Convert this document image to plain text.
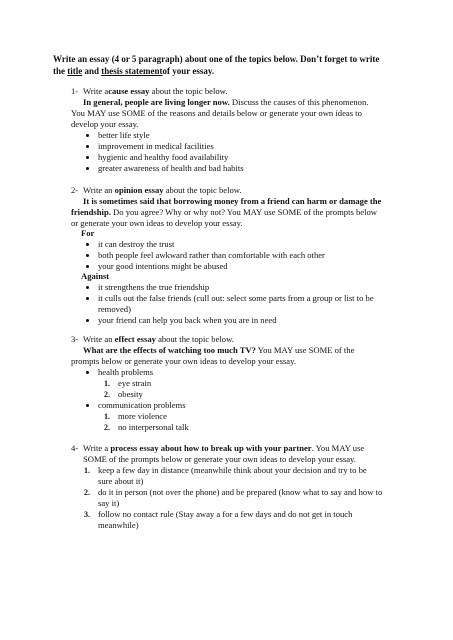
Write an essay (4 or 5 paragraph) about one of the topics below. Don’t forget to write
the title and thesis statementof your essay.
1- Write acause essay about the topic below.
In general, people are living longer now. Discuss the causes of this phenomenon.
You MAY use SOME of the reasons and details below or generate your own ideas to
develop your essay.
better life style
improvement in medical facilities
hygienic and healthy food availability
greater awareness of health and bad habits
2- Write an opinion essay about the topic below.
It is sometimes said that borrowing money from a friend can harm or damage the
friendship. Do you agree? Why or why not? You MAY use SOME of the prompts below
or generate your own ideas to develop your essay.
For
it can destroy the trust
both people feel awkward rather than comfortable with each other
your good intentions might be abused
Against
it strengthens the true friendship
it culls out the false friends (cull out: select some parts from a group or list to be
removed)
your friend can help you back when you are in need
3- Write an effect essay about the topic below.
What are the effects of watching too much TV? You MAY use SOME of the
prompts below or generate your own ideas to develop your essay.
health problems
1. eye strain
2. obesity
communication problems
1. more violence
2. no interpersonal talk
4- Write a process essay about how to break up with your partner. You MAY use
SOME of the prompts below or generate your own ideas to develop your essay.
1. keep a few day in distance (meanwhile think about your decision and try to be
sure about it)
2. do it in person (not over the phone) and be prepared (know what to say and how to
say it)
3. follow no contact rule (Stay away a for a few days and do not get in touch
meanwhile)
